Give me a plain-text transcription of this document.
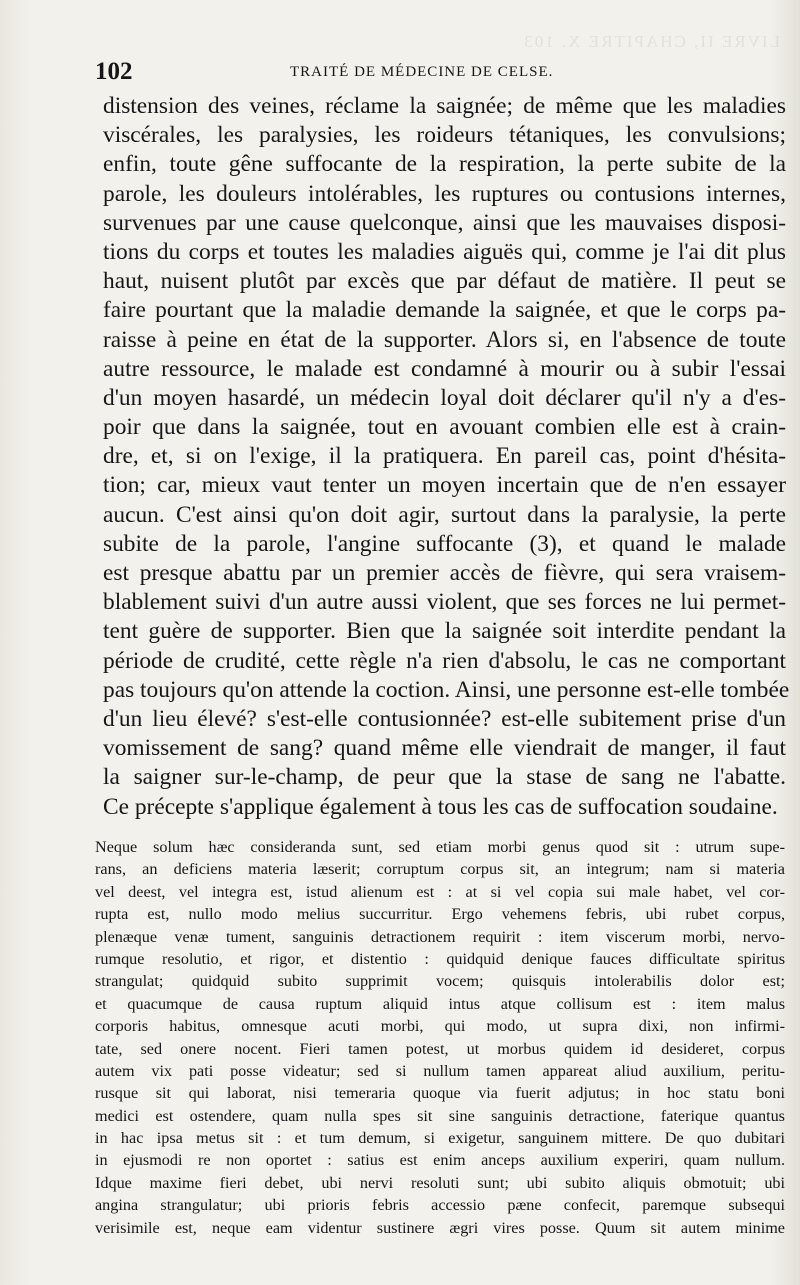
LIVRE II, CHAPITRE X. 103
102	TRAITÉ DE MÉDECINE DE CELSE.
distension des veines, réclame la saignée; de même que les maladies
viscérales, les paralysies, les roideurs tétaniques, les convulsions;
enfin, toute gêne suffocante de la respiration, la perte subite de la
parole, les douleurs intolérables, les ruptures ou contusions internes,
survenues par une cause quelconque, ainsi que les mauvaises disposi-
tions du corps et toutes les maladies aiguës qui, comme je l'ai dit plus
haut, nuisent plutôt par excès que par défaut de matière. Il peut se
faire pourtant que la maladie demande la saignée, et que le corps pa-
raisse à peine en état de la supporter. Alors si, en l'absence de toute
autre ressource, le malade est condamné à mourir ou à subir l'essai
d'un moyen hasardé, un médecin loyal doit déclarer qu'il n'y a d'es-
poir que dans la saignée, tout en avouant combien elle est à crain-
dre, et, si on l'exige, il la pratiquera. En pareil cas, point d'hésita-
tion; car, mieux vaut tenter un moyen incertain que de n'en essayer
aucun. C'est ainsi qu'on doit agir, surtout dans la paralysie, la perte
subite de la parole, l'angine suffocante (3), et quand le malade
est presque abattu par un premier accès de fièvre, qui sera vraisem-
blablement suivi d'un autre aussi violent, que ses forces ne lui permet-
tent guère de supporter. Bien que la saignée soit interdite pendant la
période de crudité, cette règle n'a rien d'absolu, le cas ne comportant
pas toujours qu'on attende la coction. Ainsi, une personne est-elle tombée
d'un lieu élevé? s'est-elle contusionnée? est-elle subitement prise d'un
vomissement de sang? quand même elle viendrait de manger, il faut
la saigner sur-le-champ, de peur que la stase de sang ne l'abatte.
Ce précepte s'applique également à tous les cas de suffocation soudaine.
Neque solum hæc consideranda sunt, sed etiam morbi genus quod sit : utrum supe-
rans, an deficiens materia læserit; corruptum corpus sit, an integrum; nam si materia
vel deest, vel integra est, istud alienum est : at si vel copia sui male habet, vel cor-
rupta est, nullo modo melius succurritur. Ergo vehemens febris, ubi rubet corpus,
plenæque venæ tument, sanguinis detractionem requirit : item viscerum morbi, nervo-
rumque resolutio, et rigor, et distentio : quidquid denique fauces difficultate spiritus
strangulat; quidquid subito supprimit vocem; quisquis intolerabilis dolor est;
et quacumque de causa ruptum aliquid intus atque collisum est : item malus
corporis habitus, omnesque acuti morbi, qui modo, ut supra dixi, non infirmi-
tate, sed onere nocent. Fieri tamen potest, ut morbus quidem id desideret, corpus
autem vix pati posse videatur; sed si nullum tamen appareat aliud auxilium, peritu-
rusque sit qui laborat, nisi temeraria quoque via fuerit adjutus; in hoc statu boni
medici est ostendere, quam nulla spes sit sine sanguinis detractione, faterique quantus
in hac ipsa metus sit : et tum demum, si exigetur, sanguinem mittere. De quo dubitari
in ejusmodi re non oportet : satius est enim anceps auxilium experiri, quam nullum.
Idque maxime fieri debet, ubi nervi resoluti sunt; ubi subito aliquis obmotuit; ubi
angina strangulatur; ubi prioris febris accessio pæne confecit, paremque subsequi
verisimile est, neque eam videntur sustinere ægri vires posse. Quum sit autem minime
